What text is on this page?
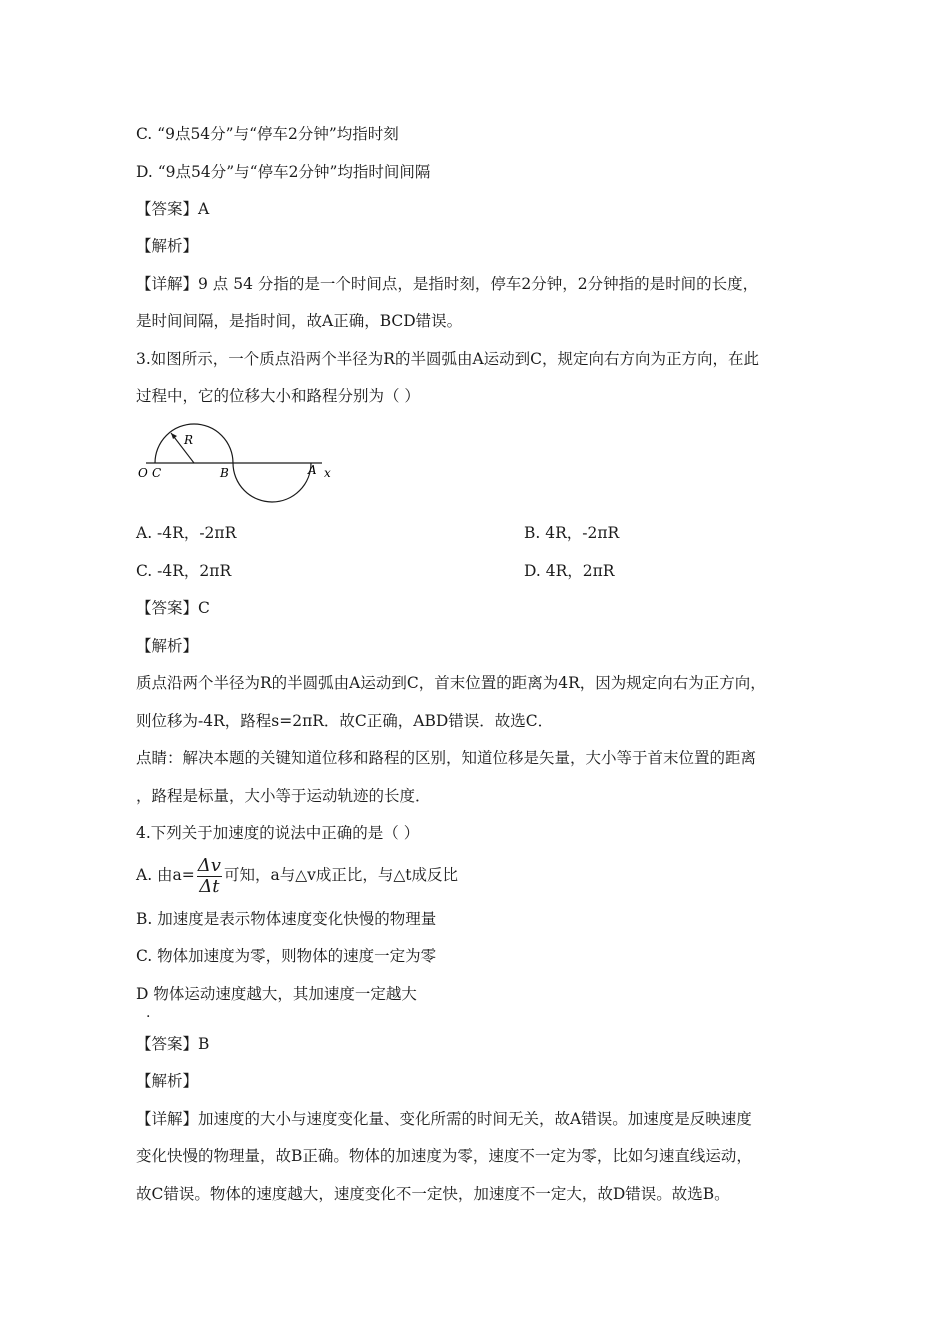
C. “9点54分”与“停车2分钟”均指时刻
D. “9点54分”与“停车2分钟”均指时间间隔
【答案】A
【解析】
【详解】9 点 54 分指的是一个时间点，是指时刻，停车2分钟，2分钟指的是时间的长度，
是时间间隔，是指时间，故A正确，BCD错误。
3.如图所示，一个质点沿两个半径为R的半圆弧由A运动到C，规定向右方向为正方向，在此
过程中，它的位移大小和路程分别为（ ）
O C
R
B	A x
A. -4R，-2πR	B. 4R，-2πR
C. -4R，2πR	D. 4R，2πR
【答案】C
【解析】
质点沿两个半径为R的半圆弧由A运动到C，首末位置的距离为4R，因为规定向右为正方向，
则位移为-4R，路程s=2πR．故C正确，ABD错误．故选C．
点睛：解决本题的关键知道位移和路程的区别，知道位移是矢量，大小等于首末位置的距离
，路程是标量，大小等于运动轨迹的长度．
4.下列关于加速度的说法中正确的是（ ）
A. 由$a= \frac{\Delta v}{\Delta t}$ 可知，a与△v成正比，与△t成反比
B. 加速度是表示物体速度变化快慢的物理量
C. 物体加速度为零，则物体的速度一定为零
D 物体运动速度越大，其加速度一定越大
.
【答案】B
【解析】
【详解】加速度的大小与速度变化量、变化所需的时间无关，故A错误。加速度是反映速度
变化快慢的物理量，故B正确。物体的加速度为零，速度不一定为零，比如匀速直线运动，
故C错误。物体的速度越大，速度变化不一定快，加速度不一定大，故D错误。故选B。
